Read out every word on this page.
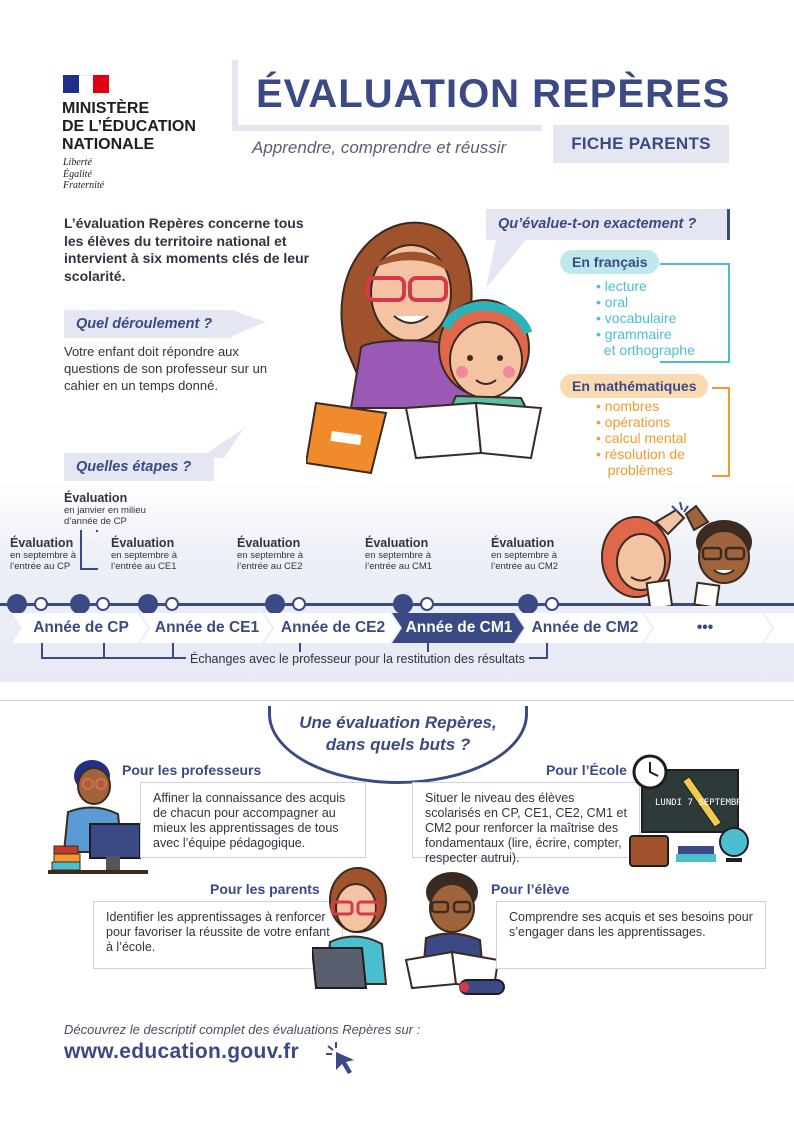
MINISTÈRE
DE L’ÉDUCATION
NATIONALE
Liberté
Égalité
Fraternité
ÉVALUATION REPÈRES
Apprendre, comprendre et réussir	FICHE PARENTS
L’évaluation Repères concerne tous les élèves du territoire national et intervient à six moments clés de leur scolarité.
Quel déroulement ?
Votre enfant doit répondre aux questions de son professeur sur un cahier en un temps donné.
Quelles étapes ?
Qu’évalue-t-on exactement ?
En français
• lecture
• oral
• vocabulaire
• grammaire
et orthographe
En mathématiques
• nombres
• opérations
• calcul mental
• résolution de
problèmes
Évaluation
en septembre à
l’entrée au CP
Évaluation
en janvier en milieu
d’année de CP
Évaluation
en septembre à
l’entrée au CE1
Évaluation
en septembre à
l’entrée au CE2
Évaluation
en septembre à
l’entrée au CM1
Évaluation
en septembre à
l’entrée au CM2
Année de CP	Année de CE1	Année de CE2	Année de CM1	Année de CM2	•••
Échanges avec le professeur pour la restitution des résultats
Une évaluation Repères,
dans quels buts ?
Pour les professeurs
Affiner la connaissance des acquis de chacun pour accompagner au mieux les apprentissages de tous avec l’équipe pédagogique.
Pour l’École
Situer le niveau des élèves scolarisés en CP, CE1, CE2, CM1 et CM2 pour renforcer la maîtrise des fondamentaux (lire, écrire, compter, respecter autrui).
LUNDI 7 SEPTEMBRE
Pour les parents
Identifier les apprentissages à renforcer pour favoriser la réussite de votre enfant à l’école.
Pour l’élève
Comprendre ses acquis et ses besoins pour s’engager dans les apprentissages.
Découvrez le descriptif complet des évaluations Repères sur :
www.education.gouv.fr
